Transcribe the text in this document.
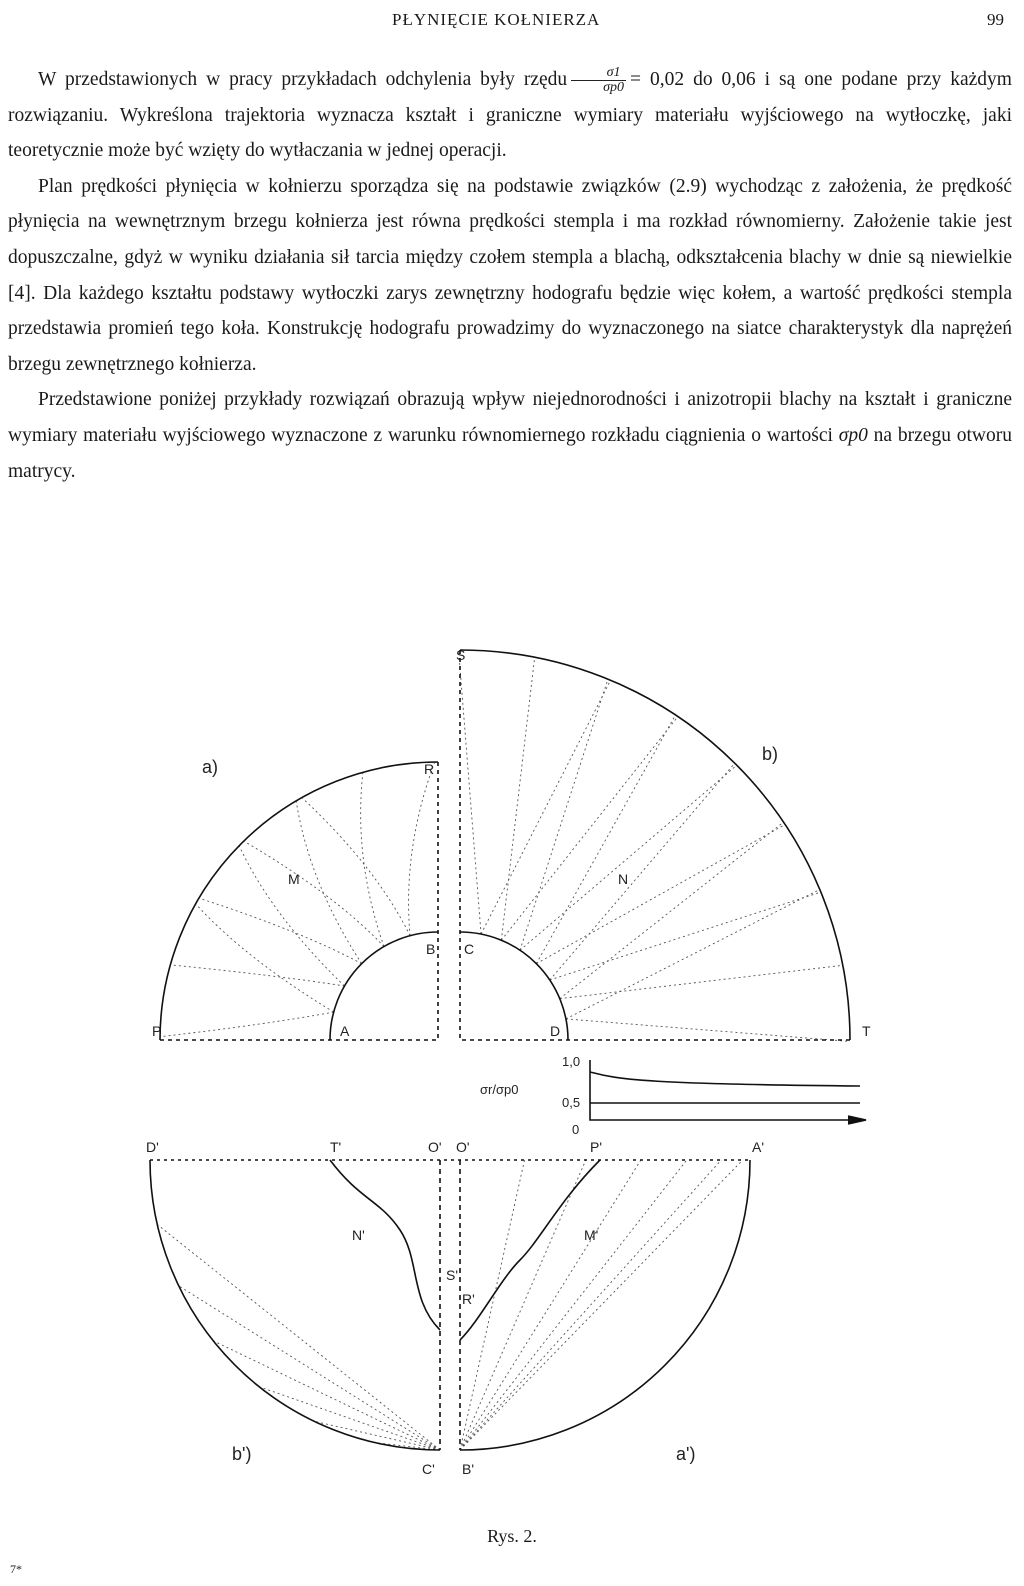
PŁYNIĘCIE KOŁNIERZA	99

W przedstawionych w pracy przykładach odchylenia były rzędu $\frac{\sigma 1}{\sigma p0} = 0,02$ do 0,06 i są one podane przy każdym rozwiązaniu. Wykreślona trajektoria wyznacza kształt i graniczne wymiary materiału wyjściowego na wytłoczkę, jaki teoretycznie może być wzięty do wytłaczania w jednej operacji.

Plan prędkości płynięcia w kołnierzu sporządza się na podstawie związków (2.9) wychodząc z założenia, że prędkość płynięcia na wewnętrznym brzegu kołnierza jest równa prędkości stempla i ma rozkład równomierny. Założenie takie jest dopuszczalne, gdyż w wyniku działania sił tarcia między czołem stempla a blachą, odkształcenia blachy w dnie są niewielkie [4]. Dla każdego kształtu podstawy wytłoczki zarys zewnętrzny hodografu będzie więc kołem, a wartość prędkości stempla przedstawia promień tego koła. Konstrukcję hodografu prowadzimy do wyznaczonego na siatce charakterystyk dla naprężeń brzegu zewnętrznego kołnierza.

Przedstawione poniżej przykłady rozwiązań obrazują wpływ niejednorodności i anizotropii blachy na kształt i graniczne wymiary materiału wyjściowego wyznaczone z warunku równomiernego rozkładu ciągnienia o wartości σp0 na brzegu otworu matrycy.

a)
b)
b')	a')
S
R
M	N
B C
P	A	D	T
D'	T'	O' O'	P'	A'
N'	M'
S'
R'
C' B'
σr/σp0
1,0
0,5
0
Rys. 2.
7*
